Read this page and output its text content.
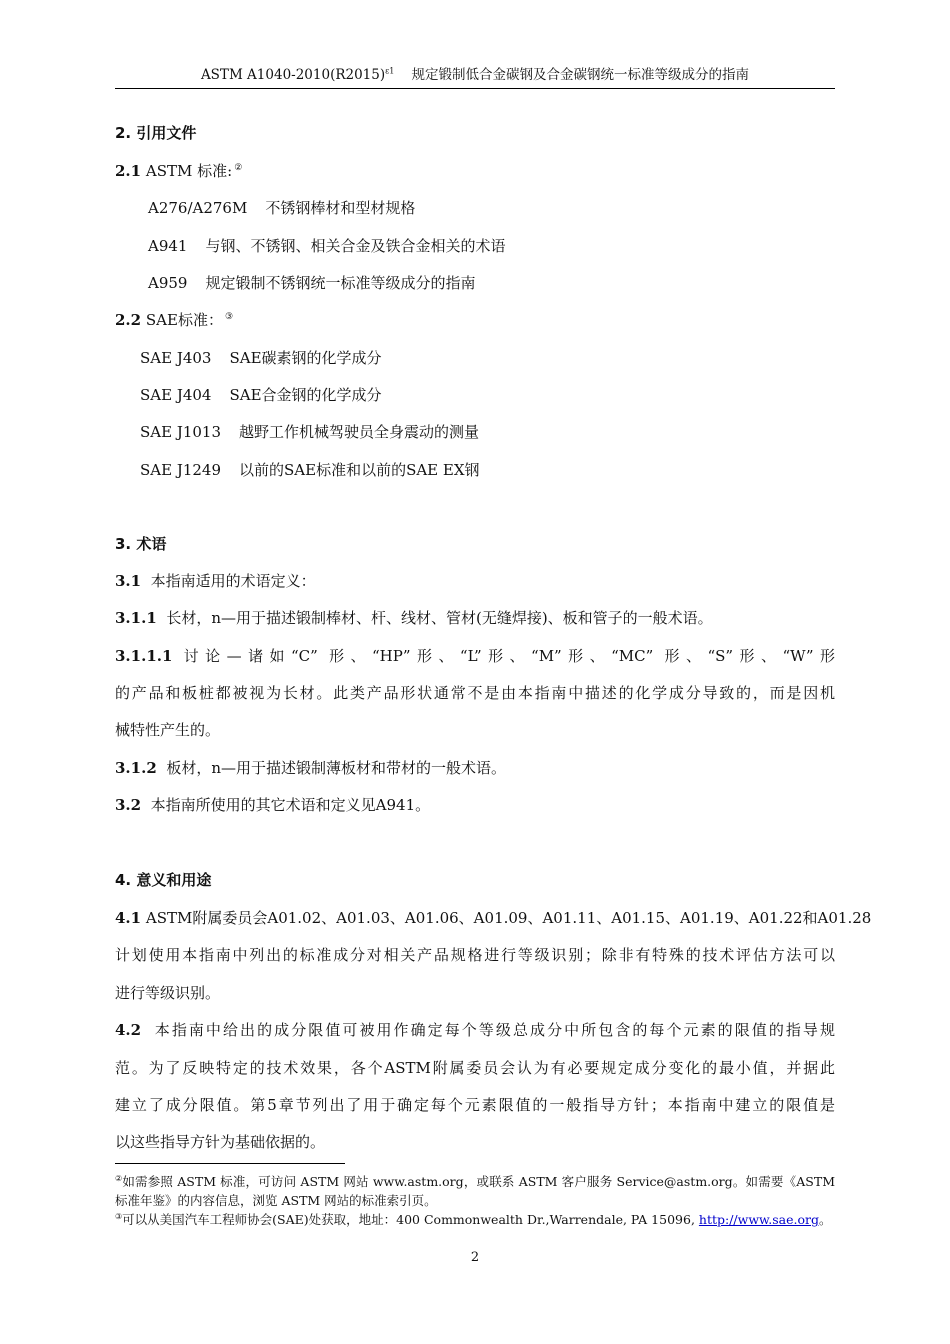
ASTM $A1040-2010(R2015)^{\varepsilon 1}$ 规定锻制低合金碳钢及合金碳钢统一标准等级成分的指南
2. 引用文件
2.1 ASTM 标准: ②
A276/A276M 不锈钢棒材和型材规格
A941 与钢、不锈钢、相关合金及铁合金相关的术语
A959 规定锻制不锈钢统一标准等级成分的指南
2.2 SAE标准： ③
SAE J403 SAE碳素钢的化学成分
SAE J404 SAE合金钢的化学成分
SAE J1013 越野工作机械驾驶员全身震动的测量
SAE J1249 以前的SAE标准和以前的SAE EX钢
3. 术语
3.1 本指南适用的术语定义：
3.1.1 长材，n—用于描述锻制棒材、杆、线材、管材(无缝焊接)、板和管子的一般术语。
3.1.1.1 讨论—诸如“C” 形、“HP”形、“L”形、“M”形、“MC” 形、“S”形、“W”形
的产品和板桩都被视为长材。此类产品形状通常不是由本指南中描述的化学成分导致的，而是因机
械特性产生的。
3.1.2 板材，n—用于描述锻制薄板材和带材的一般术语。
3.2 本指南所使用的其它术语和定义见A941。
4. 意义和用途
4.1 ASTM附属委员会A01.02、A01.03、A01.06、A01.09、A01.11、A01.15、A01.19、A01.22和A01.28
计划使用本指南中列出的标准成分对相关产品规格进行等级识别；除非有特殊的技术评估方法可以
进行等级识别。
4.2 本指南中给出的成分限值可被用作确定每个等级总成分中所包含的每个元素的限值的指导规
范。为了反映特定的技术效果，各个ASTM附属委员会认为有必要规定成分变化的最小值，并据此
建立了成分限值。第5章节列出了用于确定每个元素限值的一般指导方针；本指南中建立的限值是
以这些指导方针为基础依据的。
②如需参照 ASTM 标准，可访问 ASTM 网站 www.astm.org，或联系 ASTM 客户服务 Service@astm.org。如需要《ASTM
标准年鉴》的内容信息，浏览 ASTM 网站的标准索引页。
③可以从美国汽车工程师协会(SAE)处获取，地址：400 Commonwealth Dr.,Warrendale, PA 15096, http://www.sae.org。
2
